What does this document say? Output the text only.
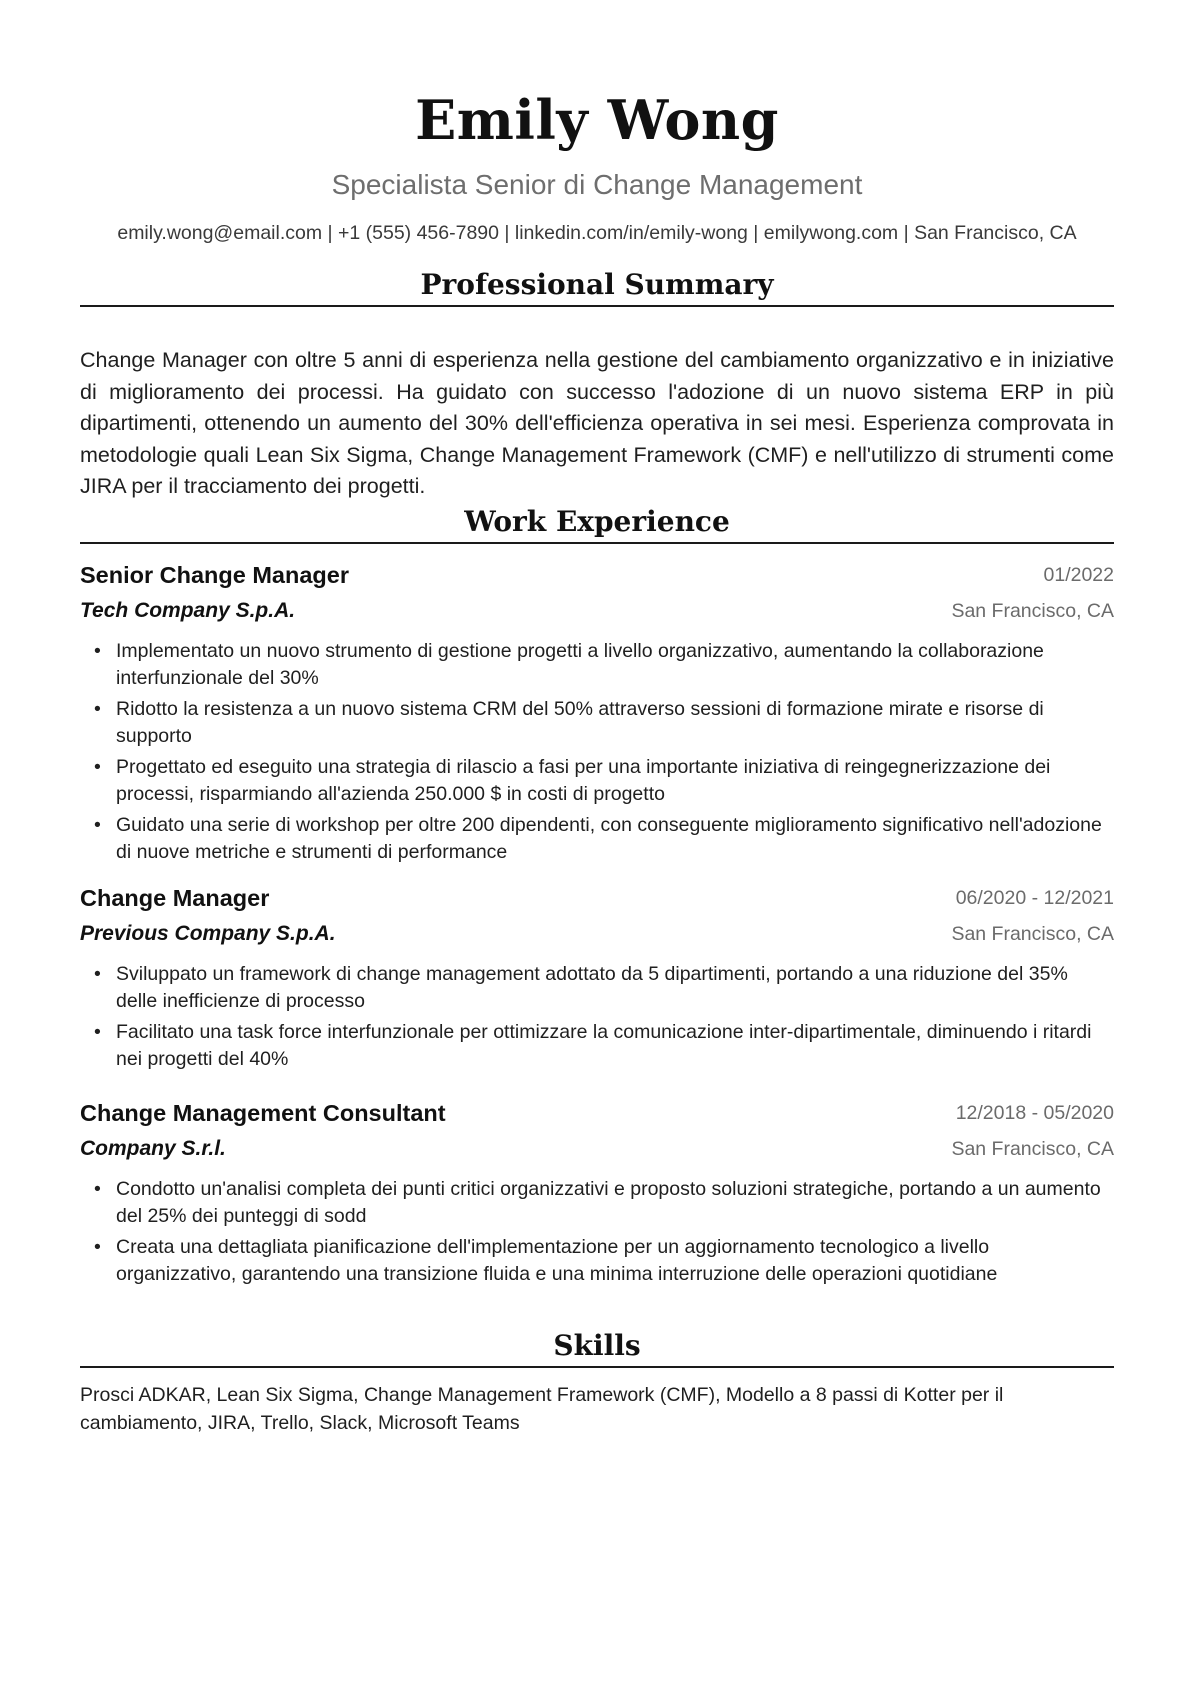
Emily Wong
Specialista Senior di Change Management
emily.wong@email.com | +1 (555) 456-7890 | linkedin.com/in/emily-wong | emilywong.com | San Francisco, CA
Professional Summary
Change Manager con oltre 5 anni di esperienza nella gestione del cambiamento organizzativo e in iniziative di miglioramento dei processi. Ha guidato con successo l'adozione di un nuovo sistema ERP in più dipartimenti, ottenendo un aumento del 30% dell'efficienza operativa in sei mesi. Esperienza comprovata in metodologie quali Lean Six Sigma, Change Management Framework (CMF) e nell'utilizzo di strumenti come JIRA per il tracciamento dei progetti.
Work Experience
Senior Change Manager	01/2022
Tech Company S.p.A.	San Francisco, CA
• Implementato un nuovo strumento di gestione progetti a livello organizzativo, aumentando la collaborazione interfunzionale del 30%
• Ridotto la resistenza a un nuovo sistema CRM del 50% attraverso sessioni di formazione mirate e risorse di supporto
• Progettato ed eseguito una strategia di rilascio a fasi per una importante iniziativa di reingegnerizzazione dei processi, risparmiando all'azienda 250.000 $ in costi di progetto
• Guidato una serie di workshop per oltre 200 dipendenti, con conseguente miglioramento significativo nell'adozione di nuove metriche e strumenti di performance
Change Manager	06/2020 - 12/2021
Previous Company S.p.A.	San Francisco, CA
• Sviluppato un framework di change management adottato da 5 dipartimenti, portando a una riduzione del 35% delle inefficienze di processo
• Facilitato una task force interfunzionale per ottimizzare la comunicazione inter-dipartimentale, diminuendo i ritardi nei progetti del 40%
Change Management Consultant	12/2018 - 05/2020
Company S.r.l.	San Francisco, CA
• Condotto un'analisi completa dei punti critici organizzativi e proposto soluzioni strategiche, portando a un aumento del 25% dei punteggi di sodd
• Creata una dettagliata pianificazione dell'implementazione per un aggiornamento tecnologico a livello organizzativo, garantendo una transizione fluida e una minima interruzione delle operazioni quotidiane
Skills
Prosci ADKAR, Lean Six Sigma, Change Management Framework (CMF), Modello a 8 passi di Kotter per il cambiamento, JIRA, Trello, Slack, Microsoft Teams
